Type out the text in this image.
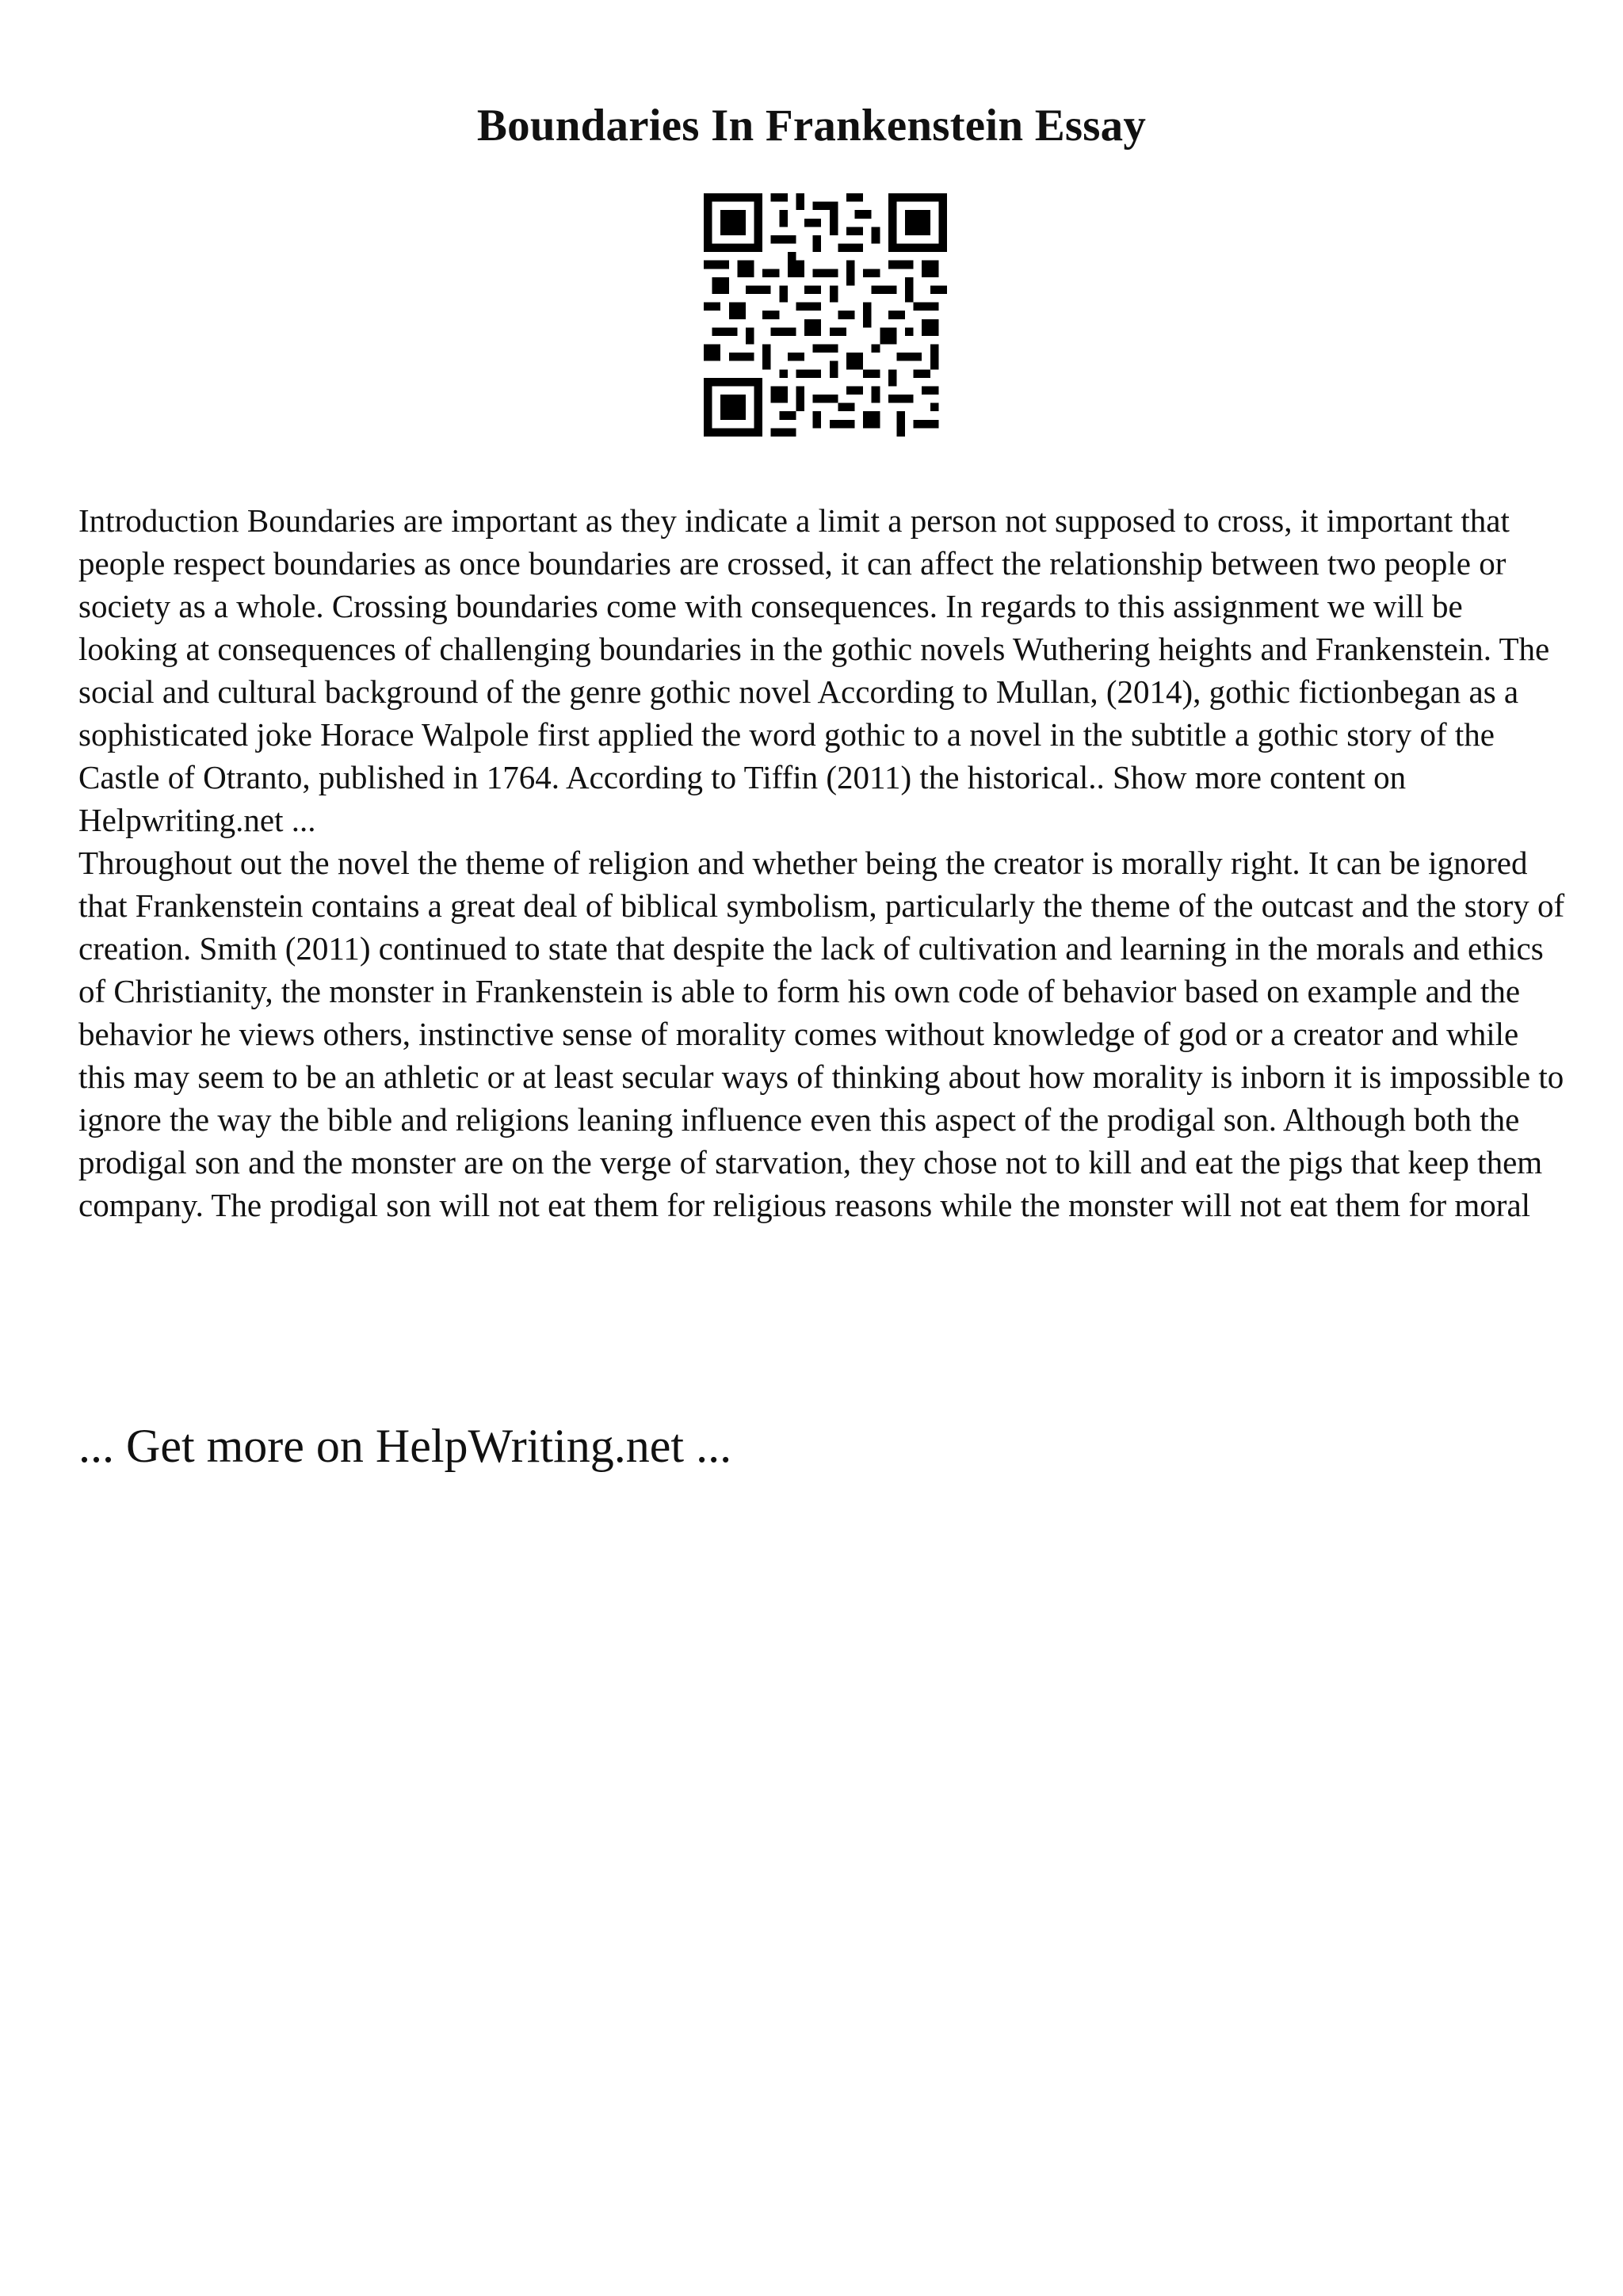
Boundaries In Frankenstein Essay

Introduction Boundaries are important as they indicate a limit a person not supposed to cross, it important that people respect boundaries as once boundaries are crossed, it can affect the relationship between two people or society as a whole. Crossing boundaries come with consequences. In regards to this assignment we will be looking at consequences of challenging boundaries in the gothic novels Wuthering heights and Frankenstein. The social and cultural background of the genre gothic novel According to Mullan, (2014), gothic fictionbegan as a sophisticated joke Horace Walpole first applied the word gothic to a novel in the subtitle a gothic story of the Castle of Otranto, published in 1764. According to Tiffin (2011) the historical.. Show more content on Helpwriting.net ...

Throughout out the novel the theme of religion and whether being the creator is morally right. It can be ignored that Frankenstein contains a great deal of biblical symbolism, particularly the theme of the outcast and the story of creation. Smith (2011) continued to state that despite the lack of cultivation and learning in the morals and ethics of Christianity, the monster in Frankenstein is able to form his own code of behavior based on example and the behavior he views others, instinctive sense of morality comes without knowledge of god or a creator and while this may seem to be an athletic or at least secular ways of thinking about how morality is inborn it is impossible to ignore the way the bible and religions leaning influence even this aspect of the prodigal son. Although both the prodigal son and the monster are on the verge of starvation, they chose not to kill and eat the pigs that keep them company. The prodigal son will not eat them for religious reasons while the monster will not eat them for moral

... Get more on HelpWriting.net ...
